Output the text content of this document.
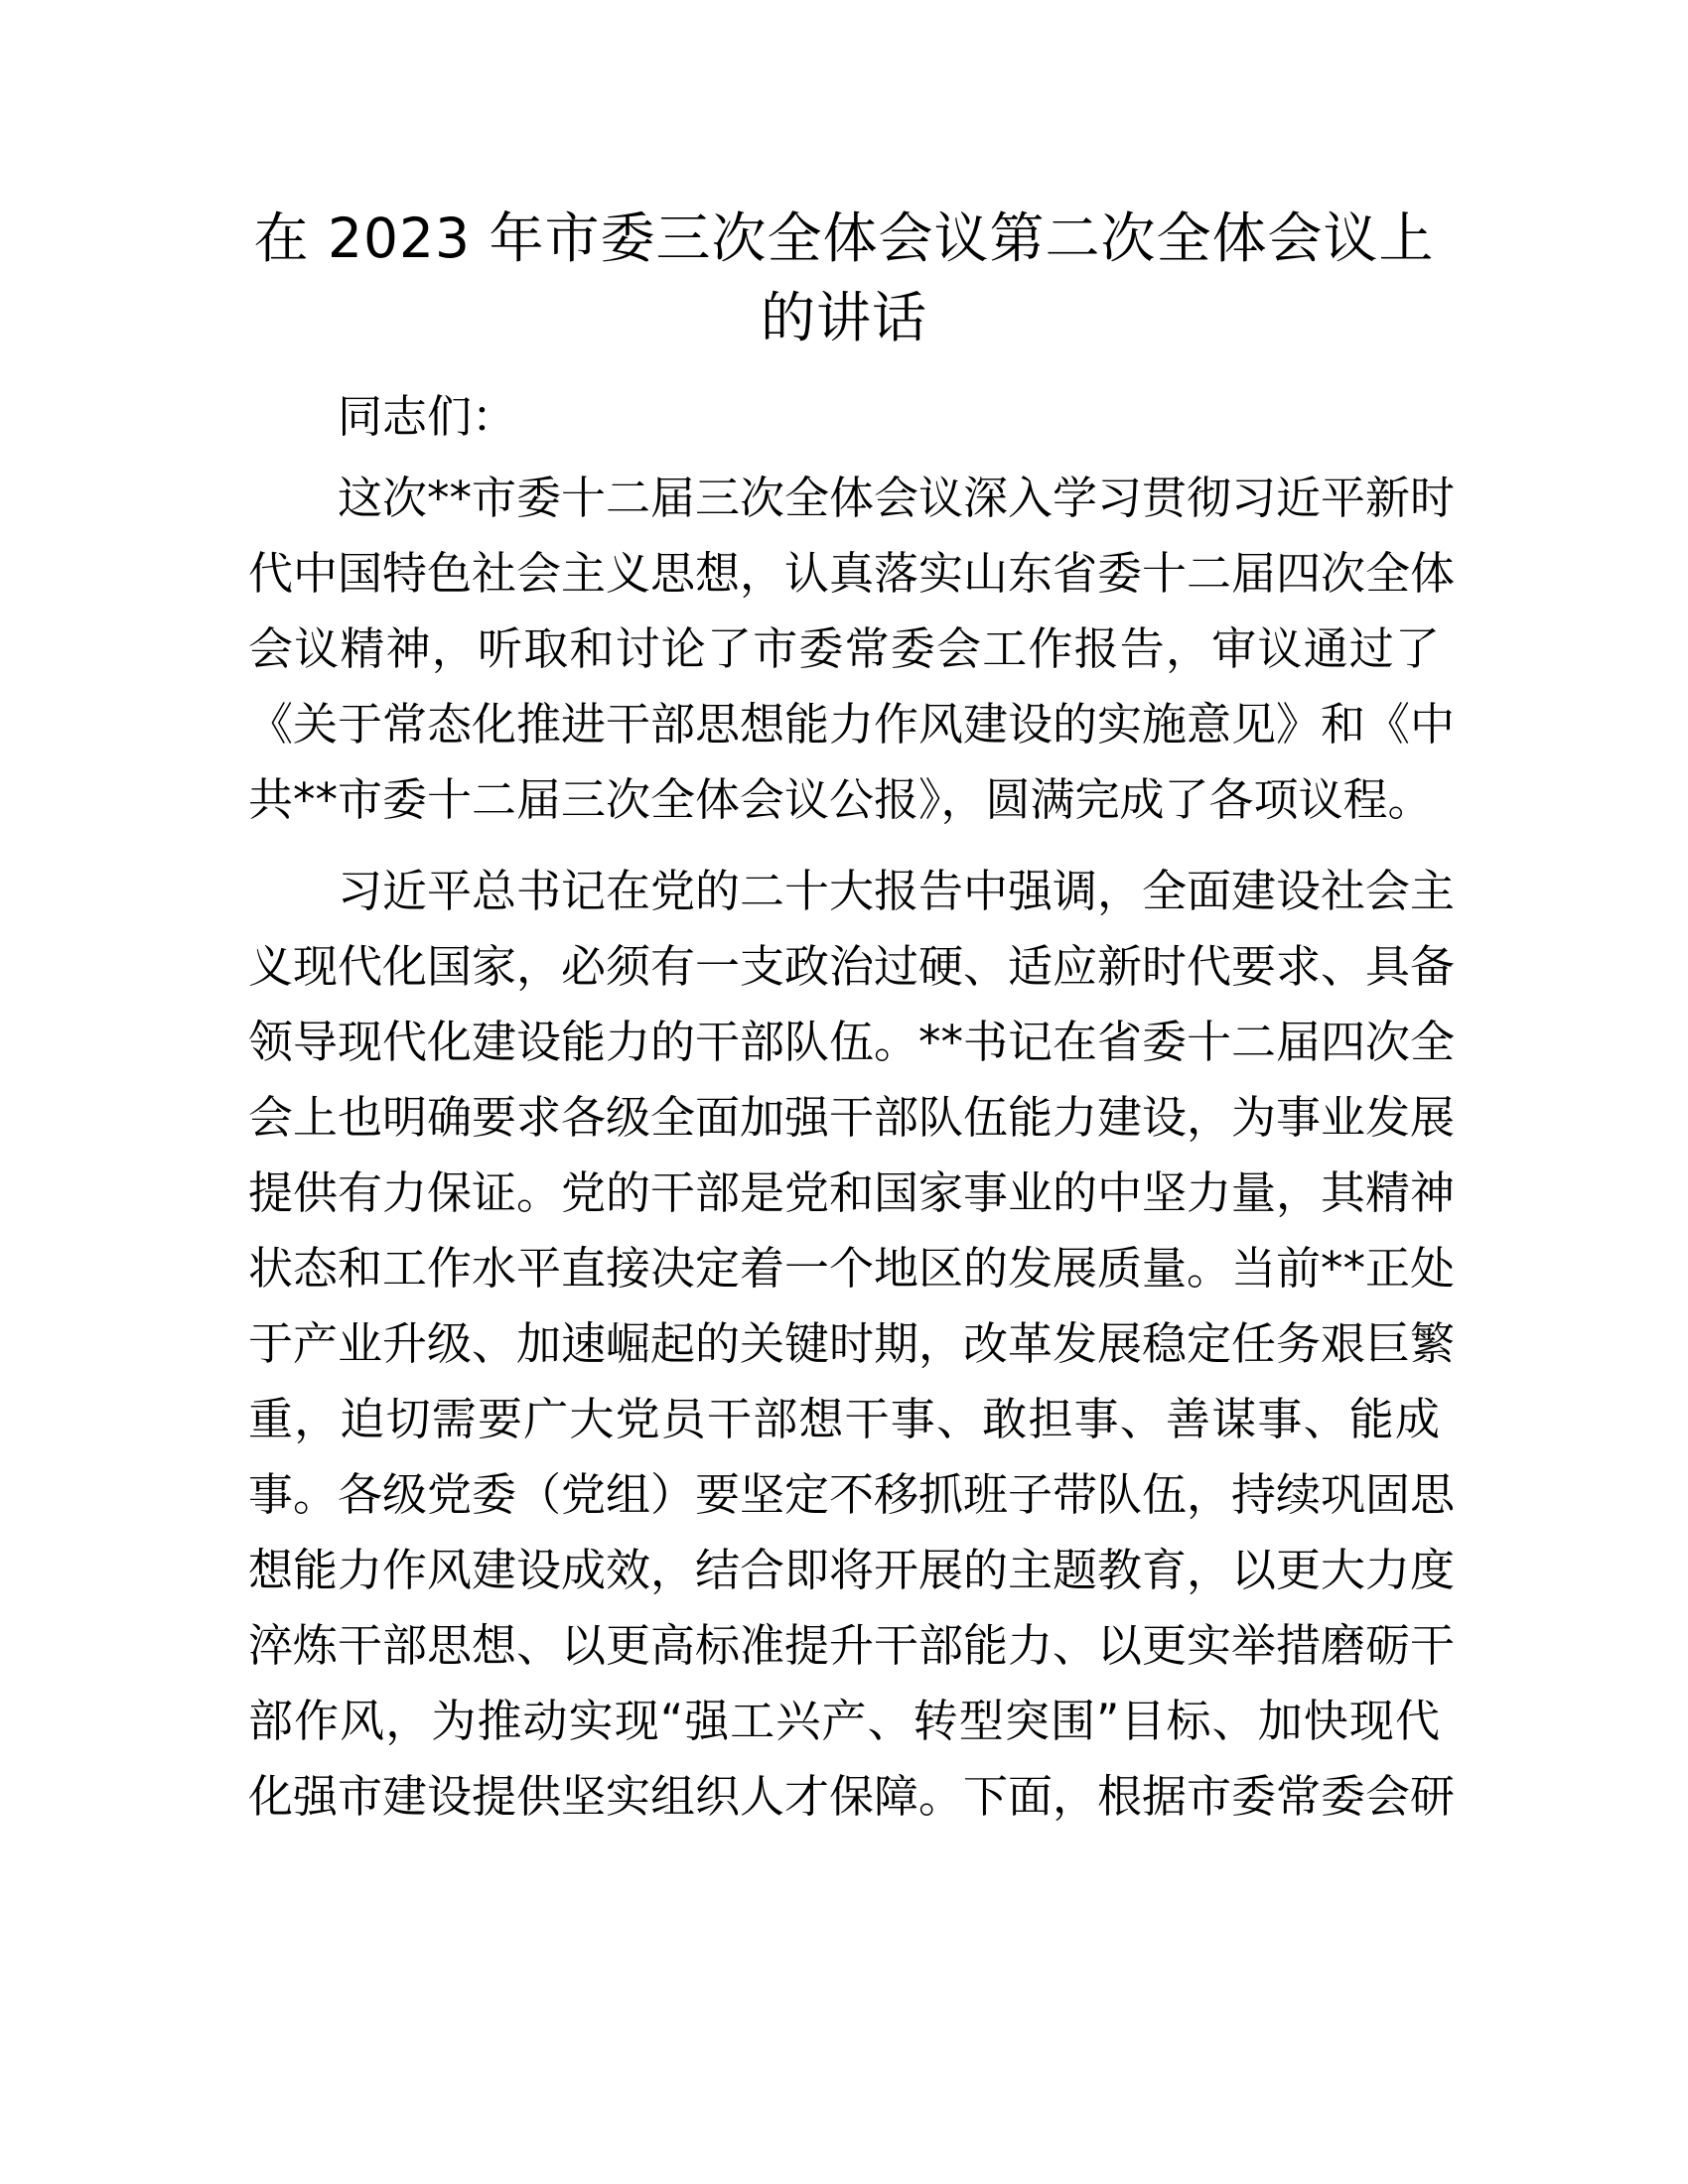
在 2023 年市委三次全体会议第二次全体会议上

的讲话

同志们：

这次**市委十二届三次全体会议深入学习贯彻习近平新时

代中国特色社会主义思想，认真落实山东省委十二届四次全体

会议精神，听取和讨论了市委常委会工作报告，审议通过了

《关于常态化推进干部思想能力作风建设的实施意见》和《中

共**市委十二届三次全体会议公报》，圆满完成了各项议程。

习近平总书记在党的二十大报告中强调，全面建设社会主

义现代化国家，必须有一支政治过硬、适应新时代要求、具备

领导现代化建设能力的干部队伍。**书记在省委十二届四次全

会上也明确要求各级全面加强干部队伍能力建设，为事业发展

提供有力保证。党的干部是党和国家事业的中坚力量，其精神

状态和工作水平直接决定着一个地区的发展质量。当前**正处

于产业升级、加速崛起的关键时期，改革发展稳定任务艰巨繁

重，迫切需要广大党员干部想干事、敢担事、善谋事、能成

事。各级党委（党组）要坚定不移抓班子带队伍，持续巩固思

想能力作风建设成效，结合即将开展的主题教育，以更大力度

淬炼干部思想、以更高标准提升干部能力、以更实举措磨砺干

部作风，为推动实现“强工兴产、转型突围”目标、加快现代

化强市建设提供坚实组织人才保障。下面，根据市委常委会研
